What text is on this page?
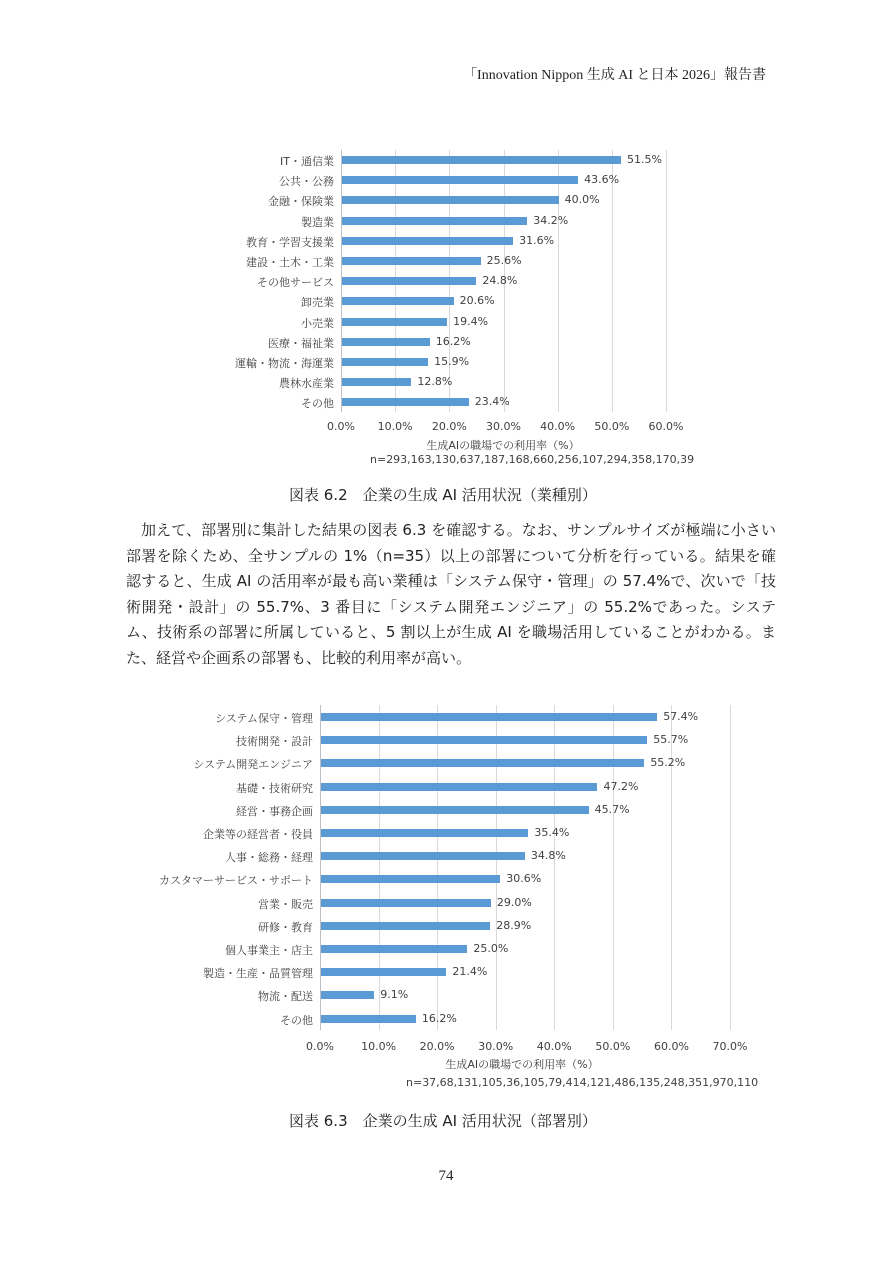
「Innovation Nippon 生成 AI と日本 2026」報告書
図表 6.2　企業の生成 AI 活用状況（業種別）

加えて、部署別に集計した結果の図表 6.3 を確認する。なお、サンプルサイズが極端に小さい部署を除くため、全サンプルの 1%（n=35）以上の部署について分析を行っている。結果を確認すると、生成 AI の活用率が最も高い業種は「システム保守・管理」の 57.4%で、次いで「技術開発・設計」の 55.7%、3 番目に「システム開発エンジニア」の 55.2%であった。システム、技術系の部署に所属していると、5 割以上が生成 AI を職場活用していることがわかる。また、経営や企画系の部署も、比較的利用率が高い。

図表 6.3　企業の生成 AI 活用状況（部署別）
74
0.0% 10.0% 20.0% 30.0% 40.0% 50.0% 60.0%
IT・通信業	51.5%
公共・公務	43.6%
金融・保険業	40.0%
製造業	34.2%
教育・学習支援業	31.6%
建設・土木・工業	25.6%
その他サービス	24.8%
卸売業	20.6%
小売業	19.4%
医療・福祉業	16.2%
運輸・物流・海運業	15.9%
農林水産業	12.8%
その他	23.4%
生成AIの職場での利用率（%）
n=293,163,130,637,187,168,660,256,107,294,358,170,39
0.0% 10.0% 20.0% 30.0% 40.0% 50.0% 60.0% 70.0%
システム保守・管理	57.4%
技術開発・設計	55.7%
システム開発エンジニア	55.2%
基礎・技術研究	47.2%
経営・事務企画	45.7%
企業等の経営者・役員	35.4%
人事・総務・経理	34.8%
カスタマーサービス・サポート	30.6%
営業・販売	29.0%
研修・教育	28.9%
個人事業主・店主	25.0%
製造・生産・品質管理	21.4%
物流・配送	9.1%
その他	16.2%
生成AIの職場での利用率（%）
n=37,68,131,105,36,105,79,414,121,486,135,248,351,970,110
